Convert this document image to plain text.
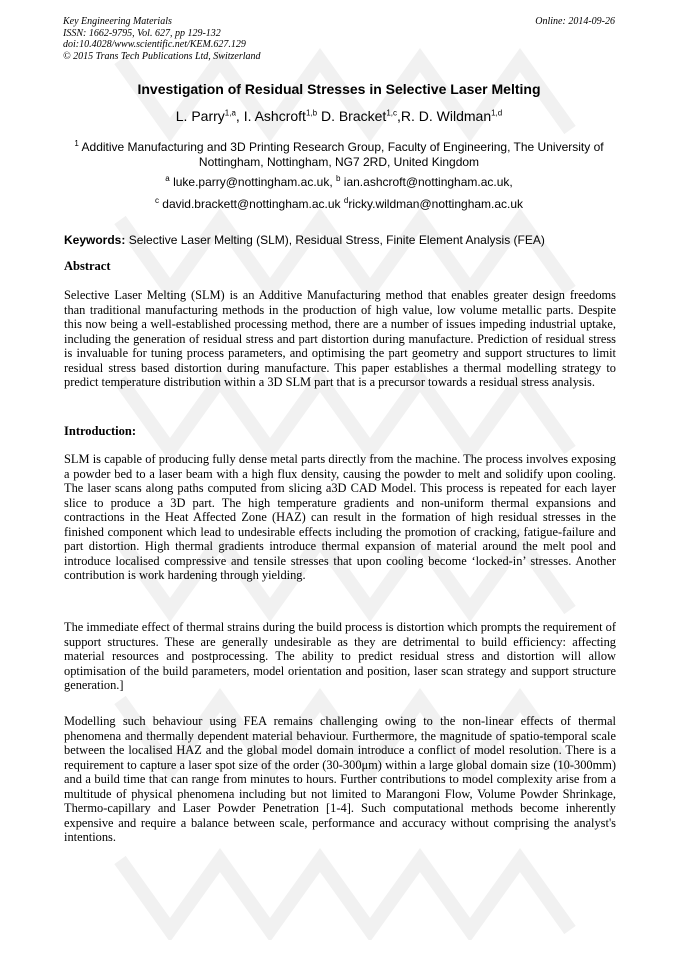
Key Engineering Materials
ISSN: 1662-9795, Vol. 627, pp 129-132
doi:10.4028/www.scientific.net/KEM.627.129
© 2015 Trans Tech Publications Ltd, Switzerland
Online: 2014-09-26
Investigation of Residual Stresses in Selective Laser Melting
L. Parry$^{1,a}$, I. Ashcroft$^{1,b}$ D. Bracket$^{1,c}$,R. D. Wildman$^{1,d}$
$^1$ Additive Manufacturing and 3D Printing Research Group, Faculty of Engineering, The University of Nottingham, Nottingham, NG7 2RD, United Kingdom
$^a$ luke.parry@nottingham.ac.uk, $^b$ ian.ashcroft@nottingham.ac.uk,
$^c$ david.brackett@nottingham.ac.uk $^d$ricky.wildman@nottingham.ac.uk
Keywords: Selective Laser Melting (SLM), Residual Stress, Finite Element Analysis (FEA)
Abstract

Selective Laser Melting (SLM) is an Additive Manufacturing method that enables greater design freedoms than traditional manufacturing methods in the production of high value, low volume metallic parts. Despite this now being a well-established processing method, there are a number of issues impeding industrial uptake, including the generation of residual stress and part distortion during manufacture. Prediction of residual stress is invaluable for tuning process parameters, and optimising the part geometry and support structures to limit residual stress based distortion during manufacture. This paper establishes a thermal modelling strategy to predict temperature distribution within a 3D SLM part that is a precursor towards a residual stress analysis.

Introduction:

SLM is capable of producing fully dense metal parts directly from the machine. The process involves exposing a powder bed to a laser beam with a high flux density, causing the powder to melt and solidify upon cooling. The laser scans along paths computed from slicing a3D CAD Model. This process is repeated for each layer slice to produce a 3D part. The high temperature gradients and non-uniform thermal expansions and contractions in the Heat Affected Zone (HAZ) can result in the formation of high residual stresses in the finished component which lead to undesirable effects including the promotion of cracking, fatigue-failure and part distortion. High thermal gradients introduce thermal expansion of material around the melt pool and introduce localised compressive and tensile stresses that upon cooling become ‘locked-in’ stresses. Another contribution is work hardening through yielding.

The immediate effect of thermal strains during the build process is distortion which prompts the requirement of support structures. These are generally undesirable as they are detrimental to build efficiency: affecting material resources and postprocessing. The ability to predict residual stress and distortion will allow optimisation of the build parameters, model orientation and position, laser scan strategy and support structure generation.]

Modelling such behaviour using FEA remains challenging owing to the non-linear effects of thermal phenomena and thermally dependent material behaviour. Furthermore, the magnitude of spatio-temporal scale between the localised HAZ and the global model domain introduce a conflict of model resolution. There is a requirement to capture a laser spot size of the order (30-300μm) within a large global domain size (10-300mm) and a build time that can range from minutes to hours. Further contributions to model complexity arise from a multitude of physical phenomena including but not limited to Marangoni Flow, Volume Powder Shrinkage, Thermo-capillary and Laser Powder Penetration [1-4]. Such computational methods become inherently expensive and require a balance between scale, performance and accuracy without comprising the analyst's intentions.
